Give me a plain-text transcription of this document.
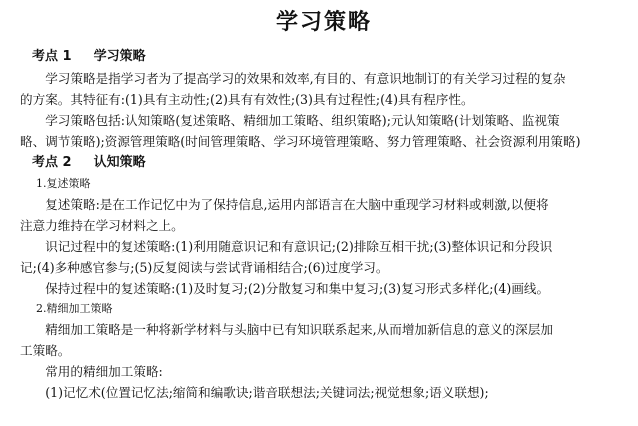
学习策略
考点 1 学习策略

学习策略是指学习者为了提高学习的效果和效率,有目的、有意识地制订的有关学习过程的复杂
的方案。其特征有:(1)具有主动性;(2)具有有效性;(3)具有过程性;(4)具有程序性。

学习策略包括:认知策略(复述策略、精细加工策略、组织策略);元认知策略(计划策略、监视策
略、调节策略);资源管理策略(时间管理策略、学习环境管理策略、努力管理策略、社会资源利用策略)

考点 2 认知策略
1.复述策略

复述策略:是在工作记忆中为了保持信息,运用内部语言在大脑中重现学习材料或刺激,以便将
注意力维持在学习材料之上。

识记过程中的复述策略:(1)利用随意识记和有意识记;(2)排除互相干扰;(3)整体识记和分段识
记;(4)多种感官参与;(5)反复阅读与尝试背诵相结合;(6)过度学习。

保持过程中的复述策略:(1)及时复习;(2)分散复习和集中复习;(3)复习形式多样化;(4)画线。

2.精细加工策略

精细加工策略是一种将新学材料与头脑中已有知识联系起来,从而增加新信息的意义的深层加
工策略。

常用的精细加工策略:

(1)记忆术(位置记忆法;缩简和编歌诀;谐音联想法;关键词法;视觉想象;语义联想);
